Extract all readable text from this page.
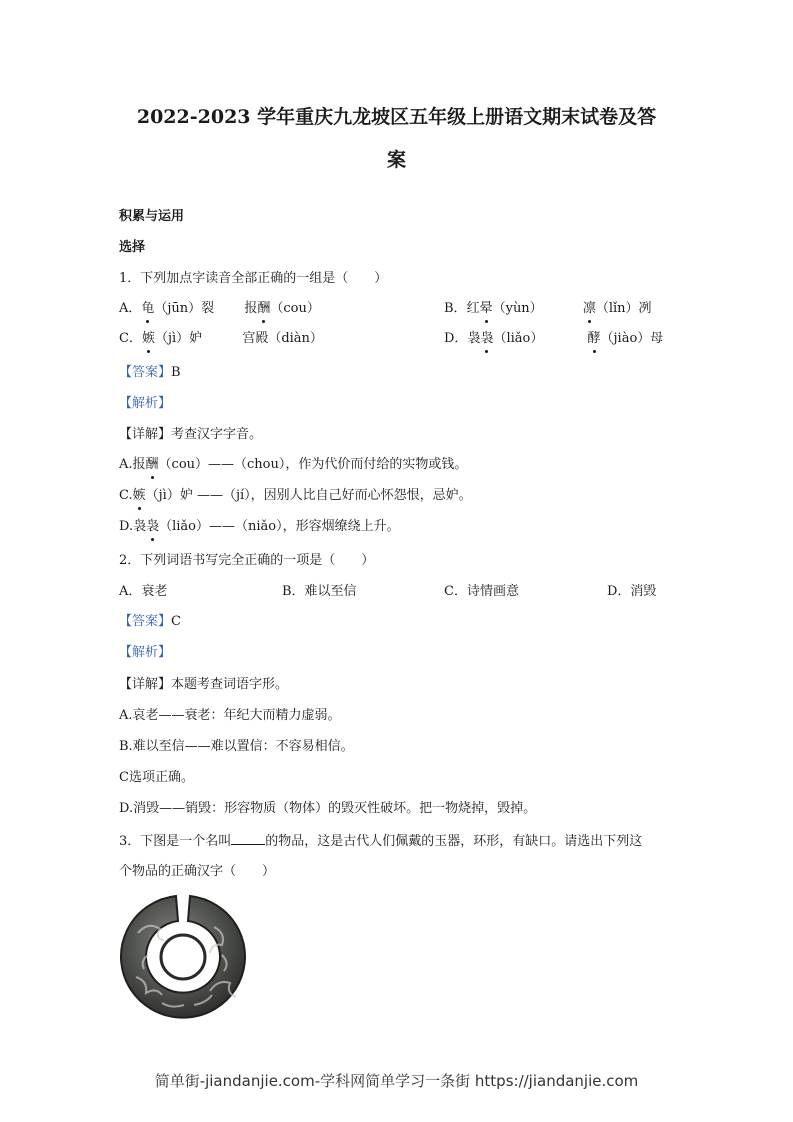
2022-2023 学年重庆九龙坡区五年级上册语文期末试卷及答
案
积累与运用
选择
1．下列加点字读音全部正确的一组是（　　）
A．龟（jūn）裂 报酬（cou）	B．红晕（yùn）	凛（lǐn）冽
C．嫉（jì）妒	宫殿（diàn）	D．袅袅（liǎo）	酵（jiào）母
【答案】B
【解析】
【详解】考查汉字字音。
A.报酬（cou）——（chou），作为代价而付给的实物或钱。
C.嫉（jì）妒 ——（jí），因别人比自己好而心怀怨恨，忌妒。
D.袅袅（liǎo）——（niǎo），形容烟缭绕上升。
2．下列词语书写完全正确的一项是（　　）
A．衰老	B．难以至信	C．诗情画意	D．消毁
【答案】C
【解析】
【详解】本题考查词语字形。
A.哀老——衰老：年纪大而精力虚弱。
B.难以至信——难以置信：不容易相信。
C选项正确。
D.消毁——销毁：形容物质（物体）的毁灭性破坏。把一物烧掉，毁掉。
3．下图是一个名叫	的物品，这是古代人们佩戴的玉器，环形，有缺口。请选出下列这
个物品的正确汉字（　　）
简单街-jiandanjie.com-学科网简单学习一条街 https://jiandanjie.com
